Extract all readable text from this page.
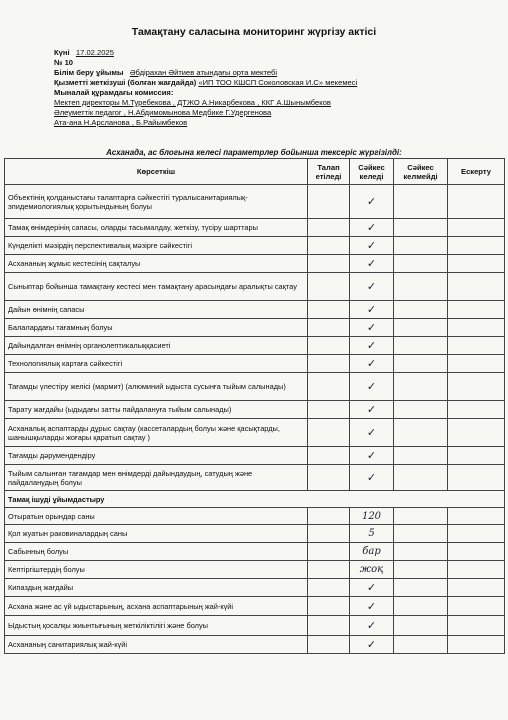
Тамақтану саласына мониторинг жүргізу актісі
Күні 17.02.2025
№ 10
Білім беру ұйымы Әбдірахан Әйтиев атындағы орта мектебі
Қызметті жеткізуші (болған жағдайда) «ИП ТОО КШСП Соколовская И.С» мекемесі
Мыналай құрамдағы комиссия:
Мектеп директоры М.Туребекова , ДТЖО А.Никарбекова , ККГ А.Шынымбеков
Әлеуметтік педагог , Н.Абдимомынова Медбике Г.Удергенова
Ата-ана Н.Арсланова , Б.Райымбеков
Асханада, ас блогына келесі параметрлер бойынша тексеріс жүргізілді:
Көрсеткіш	Талап етіледі	Сәйкес келеді	Сәйкес келмейді	Ескерту
Объектінің қолданыстағы талаптарға сәйкестігі туралысанитариялық-эпидемиологиялық қорытындының болуы		✓		
Тамақ өнімдерінің сапасы, оларды тасымалдау, жеткізу, түсіру шарттары		✓		
Күнделікті мәзірдің перспективалық мәзірге сәйкестігі		✓		
Асхананың жұмыс кестесінің сақталуы		✓		
Сыныптар бойынша тамақтану кестесі мен тамақтану арасындағы аралықты сақтау		✓		
Дайын өнімнің сапасы		✓		
Балалардағы тағамның болуы		✓		
Дайындалған өнімнің органолептикалыққасиеті		✓		
Технологиялық картаға сәйкестігі		✓		
Тағамды үлестіру желісі (мармит) (алюминий ыдыста сусынға тыйым салынады)		✓		
Тарату жағдайы (ыдыдағы затты пайдалануға тыйым салынады)		✓		
Асханалық аспаптарды дұрыс сақтау (кассеталардың болуы және қасықтарды, шанышқыларды жоғары қаратып сақтау )		✓		
Тағамды дәрумендендіру		✓		
Тыйым салынған тағамдар мен өнімдерді дайындаудың, сатудың және пайдаланудың болуы		✓		
Тамақ ішуді ұйымдастыру				
Отыратын орындар саны		120		
Қол жуатын раковиналардың саны		5		
Сабынның болуы		бар		
Кептіргіштердің болуы		жоқ		
Кипаздың жағдайы		✓		
Асхана және ас үй ыдыстарының, асхана аспаптарының жай-күйі		✓		
Ыдыстың қосалқы жиынтығының жеткіліктілігі және болуы		✓		
Асхананың санитариялық жай-күйі		✓		
